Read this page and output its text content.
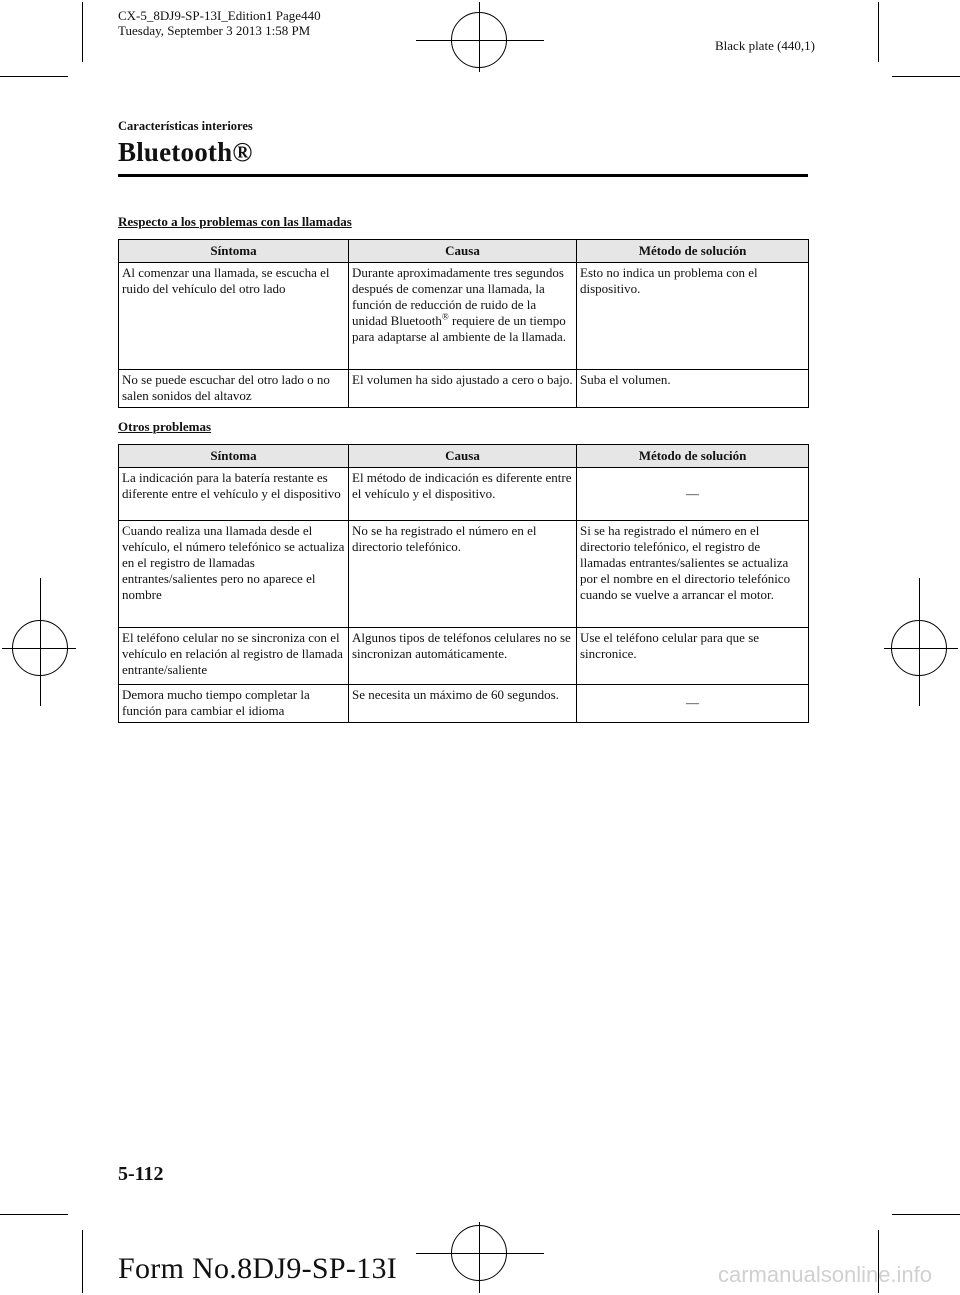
CX-5_8DJ9-SP-13I_Edition1 Page440
Tuesday, September 3 2013 1:58 PM
Black plate (440,1)
Características interiores
Bluetooth®
Respecto a los problemas con las llamadas
Síntoma	Causa	Método de solución
Al comenzar una llamada, se escucha el ruido del vehículo del otro lado	Durante aproximadamente tres segundos después de comenzar una llamada, la función de reducción de ruido de la unidad Bluetooth® requiere de un tiempo para adaptarse al ambiente de la llamada.	Esto no indica un problema con el dispositivo.
No se puede escuchar del otro lado o no salen sonidos del altavoz	El volumen ha sido ajustado a cero o bajo.	Suba el volumen.
Otros problemas
Síntoma	Causa	Método de solución
La indicación para la batería restante es diferente entre el vehículo y el dispositivo	El método de indicación es diferente entre el vehículo y el dispositivo.	—
Cuando realiza una llamada desde el vehículo, el número telefónico se actualiza en el registro de llamadas entrantes/salientes pero no aparece el nombre	No se ha registrado el número en el directorio telefónico.	Si se ha registrado el número en el directorio telefónico, el registro de llamadas entrantes/salientes se actualiza por el nombre en el directorio telefónico cuando se vuelve a arrancar el motor.
El teléfono celular no se sincroniza con el vehículo en relación al registro de llamada entrante/saliente	Algunos tipos de teléfonos celulares no se sincronizan automáticamente.	Use el teléfono celular para que se sincronice.
Demora mucho tiempo completar la función para cambiar el idioma	Se necesita un máximo de 60 segundos.	—
5-112
Form No.8DJ9-SP-13I	carmanualsonline.info
